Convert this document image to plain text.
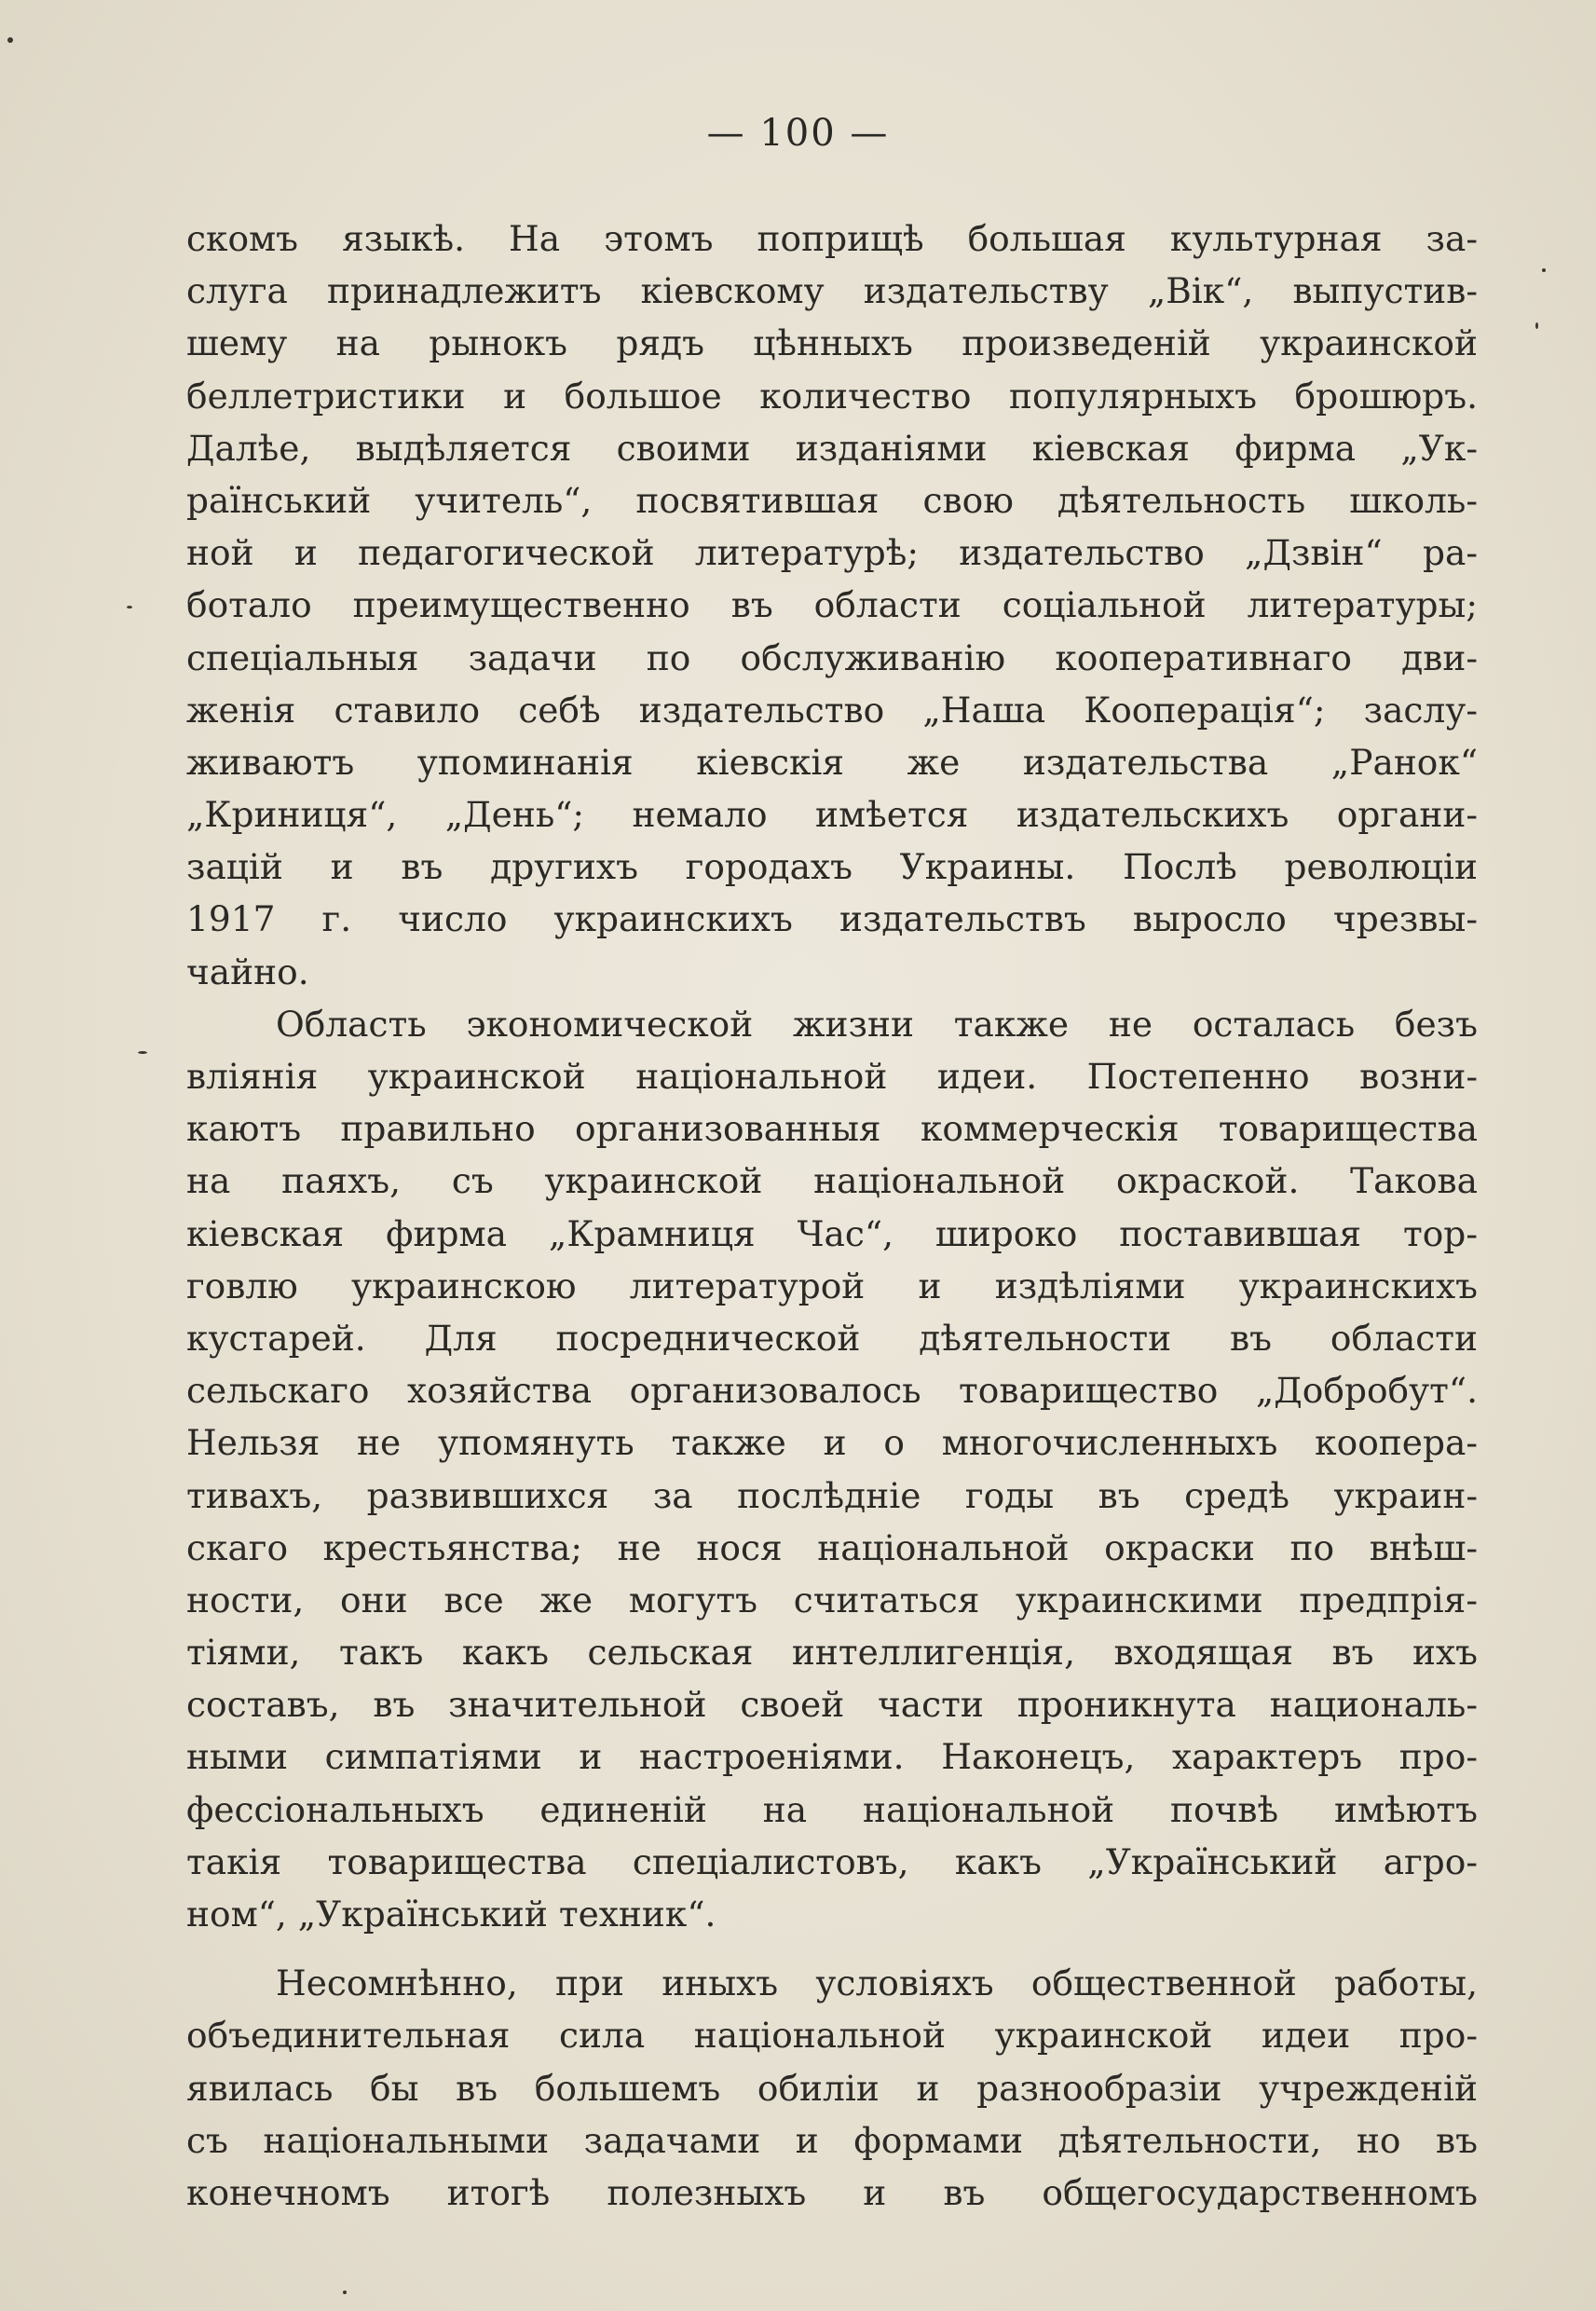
— 100 —
скомъ языкѣ. На этомъ поприщѣ большая культурная за-
слуга принадлежитъ кіевскому издательству „Вік“, выпустив-
шему на рынокъ рядъ цѣнныхъ произведеній украинской
беллетристики и большое количество популярныхъ брошюръ.
Далѣе, выдѣляется своими изданіями кіевская фирма „Ук-
раїнський учитель“, посвятившая свою дѣятельность школь-
ной и педагогической литературѣ; издательство „Дзвін“ ра-
ботало преимущественно въ области соціальной литературы;
спеціальныя задачи по обслуживанію кооперативнаго дви-
женія ставило себѣ издательство „Наша Кооперація“; заслу-
живаютъ упоминанія кіевскія же издательства „Ранок“
„Криниця“, „День“; немало имѣется издательскихъ органи-
зацій и въ другихъ городахъ Украины. Послѣ революціи
1917 г. число украинскихъ издательствъ выросло чрезвы-
чайно.
Область экономической жизни также не осталась безъ
вліянія украинской національной идеи. Постепенно возни-
каютъ правильно организованныя коммерческія товарищества
на паяхъ, съ украинской національной окраской. Такова
кіевская фирма „Крамниця Час“, широко поставившая тор-
говлю украинскою литературой и издѣліями украинскихъ
кустарей. Для посреднической дѣятельности въ области
сельскаго хозяйства организовалось товарищество „Добробут“.
Нельзя не упомянуть также и о многочисленныхъ коопера-
тивахъ, развившихся за послѣдніе годы въ средѣ украин-
скаго крестьянства; не нося національной окраски по внѣш-
ности, они все же могутъ считаться украинскими предпрія-
тіями, такъ какъ сельская интеллигенція, входящая въ ихъ
составъ, въ значительной своей части проникнута националь-
ными симпатіями и настроеніями. Наконецъ, характеръ про-
фессіональныхъ единеній на національной почвѣ имѣютъ
такія товарищества спеціалистовъ, какъ „Український агро-
ном“, „Український техник“.
Несомнѣнно, при иныхъ условіяхъ общественной работы,
объединительная сила національной украинской идеи про-
явилась бы въ большемъ обиліи и разнообразіи учрежденій
съ національными задачами и формами дѣятельности, но въ
конечномъ итогѣ полезныхъ и въ общегосударственномъ
